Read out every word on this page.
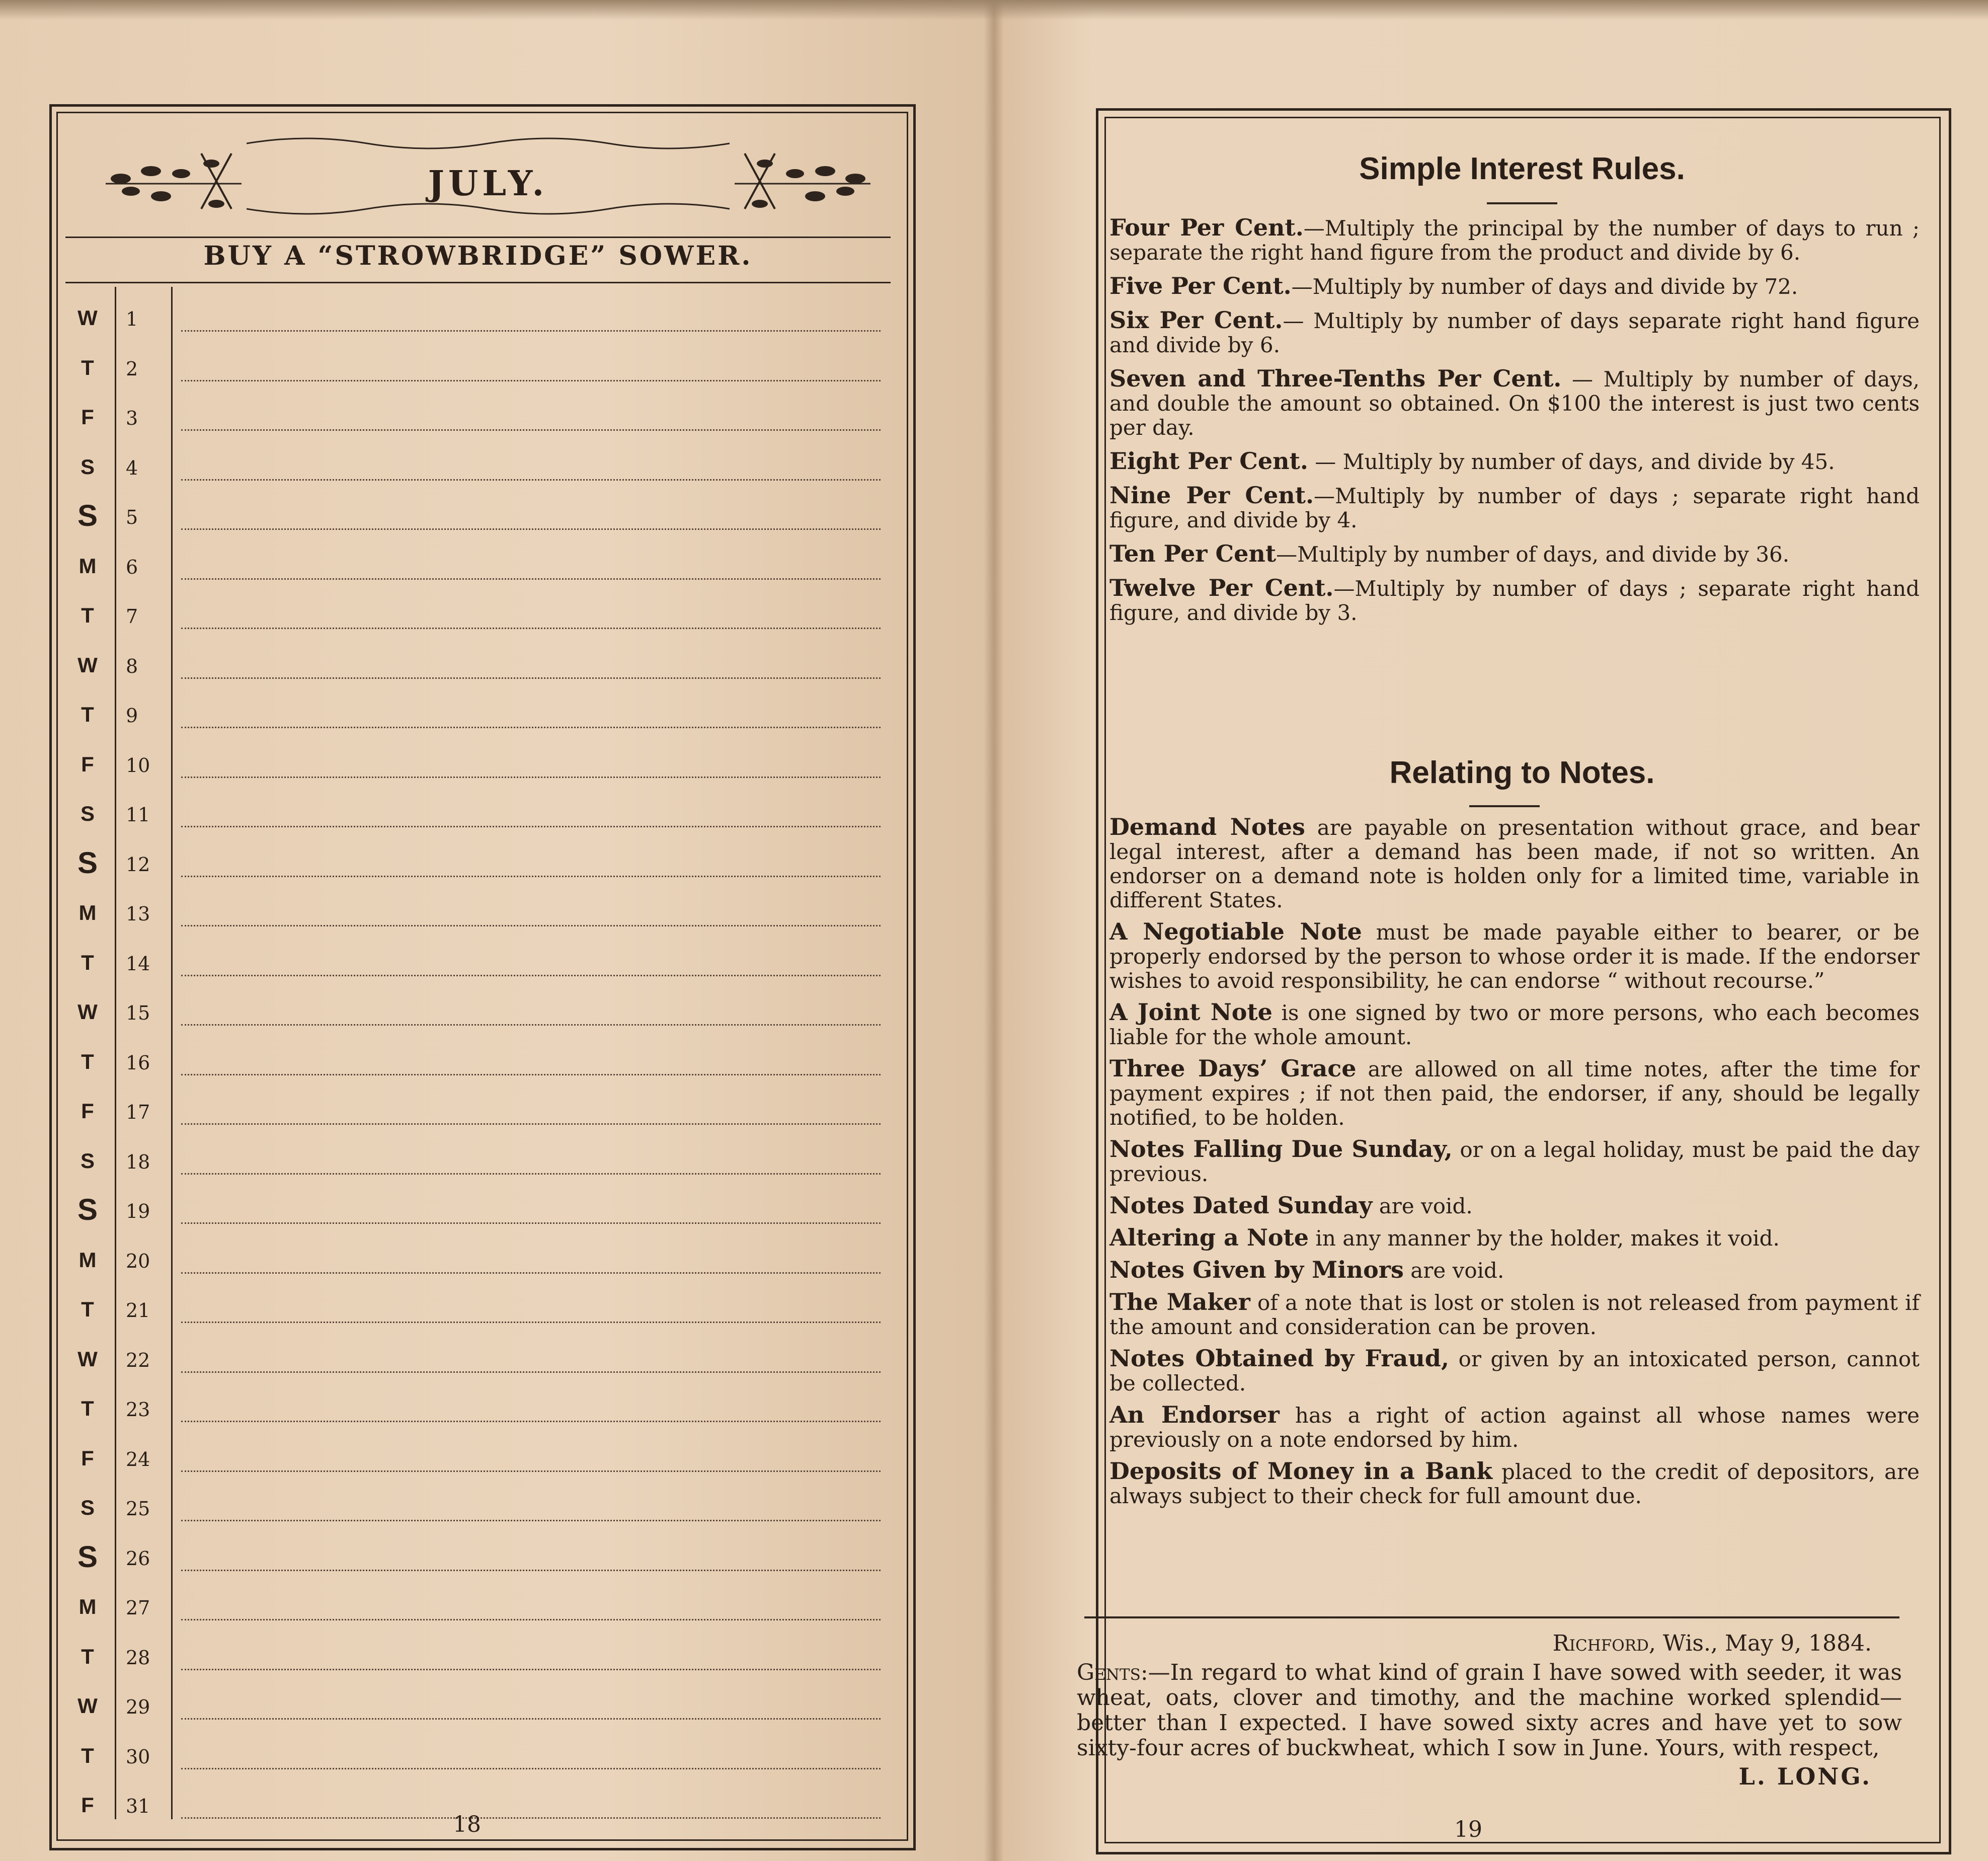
JULY.
BUY A “STROWBRIDGE” SOWER.
W	1
T	2
F	3
S	4
S	5
M	6
T	7
W	8
T	9
F	10
S	11
S	12
M	13
T	14
W	15
T	16
F	17
S	18
S	19
M	20
T	21
W	22
T	23
F	24
S	25
S	26
M	27
T	28
W	29
T	30
F	31
18
Simple Interest Rules.

Four Per Cent.—Multiply the principal by the number of days to run ; separate the right hand figure from the product and divide by 6.

Five Per Cent.—Multiply by number of days and divide by 72.

Six Per Cent.— Multiply by number of days separate right hand figure and divide by 6.

Seven and Three-Tenths Per Cent. — Multiply by number of days, and double the amount so obtained. On $100 the interest is just two cents per day.

Eight Per Cent. — Multiply by number of days, and divide by 45.

Nine Per Cent.—Multiply by number of days ; separate right hand figure, and divide by 4.

Ten Per Cent—Multiply by number of days, and divide by 36.

Twelve Per Cent.—Multiply by number of days ; separate right hand figure, and divide by 3.

Relating to Notes.

Demand Notes are payable on presentation without grace, and bear legal interest, after a demand has been made, if not so written. An endorser on a demand note is holden only for a limited time, variable in different States.

A Negotiable Note must be made payable either to bearer, or be properly endorsed by the person to whose order it is made. If the endorser wishes to avoid responsibility, he can endorse “ without recourse.”

A Joint Note is one signed by two or more persons, who each becomes liable for the whole amount.

Three Days’ Grace are allowed on all time notes, after the time for payment expires ; if not then paid, the endorser, if any, should be legally notified, to be holden.

Notes Falling Due Sunday, or on a legal holiday, must be paid the day previous.

Notes Dated Sunday are void.

Altering a Note in any manner by the holder, makes it void.

Notes Given by Minors are void.

The Maker of a note that is lost or stolen is not released from payment if the amount and consideration can be proven.

Notes Obtained by Fraud, or given by an intoxicated person, cannot be collected.

An Endorser has a right of action against all whose names were previously on a note endorsed by him.

Deposits of Money in a Bank placed to the credit of depositors, are always subject to their check for full amount due.

Richford, Wis., May 9, 1884.
Gents:—In regard to what kind of grain I have sowed with seeder, it was wheat, oats, clover and timothy, and the machine worked splendid—better than I expected. I have sowed sixty acres and have yet to sow sixty-four acres of buckwheat, which I sow in June. Yours, with respect,
L. LONG.
19
